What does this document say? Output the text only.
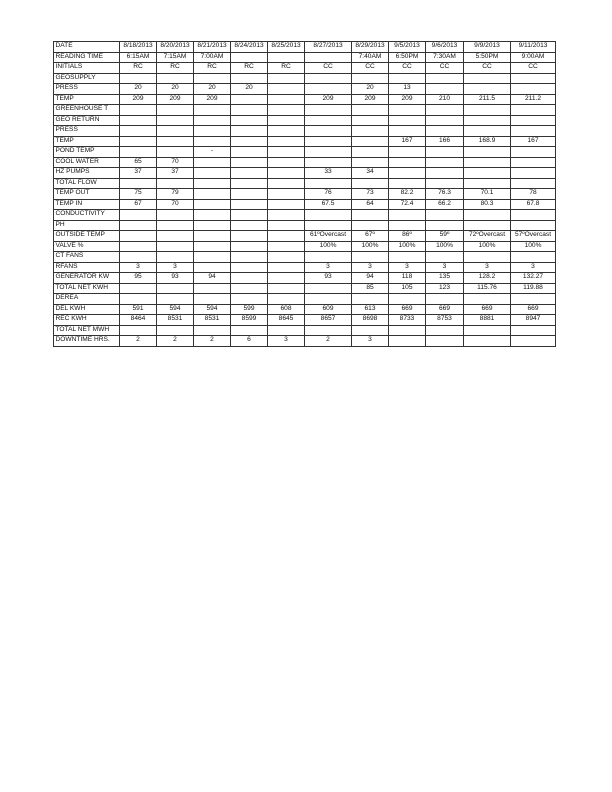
DATE	8/18/2013	8/20/2013	8/21/2013	8/24/2013	8/25/2013	8/27/2013	8/29/2013	9/5/2013	9/6/2013	9/9/2013	9/11/2013
READING TIME	6:15AM	7:15AM	7:00AM				7:40AM	6:50PM	7:30AM	5:50PM	9:00AM
INITIALS	RC	RC	RC	RC	RC	CC	CC	CC	CC	CC	CC
GEOSUPPLY											
PRESS	20	20	20	20			20	13			
TEMP	209	209	209			209	209	209	210	211.5	211.2
GREENHOUSE T											
GEO RETURN											
PRESS											
TEMP								167	166	168.9	167
POND TEMP			-								
COOL WATER	65	70									
HZ PUMPS	37	37				33	34				
TOTAL FLOW											
TEMP OUT	75	79				76	73	82.2	76.3	70.1	78
TEMP IN	67	70				67.5	64	72.4	66.2	80.3	67.8
CONDUCTIVITY											
PH											
OUTSIDE TEMP						61ºOvercast	67º	86º	59º	72ºOvercast	57ºOvercast
VALVE %						100%	100%	100%	100%	100%	100%
CT FANS											
RFANS	3	3				3	3	3	3	3	3
GENERATOR KW	95	93	94			93	94	118	135	128.2	132.27
TOTAL NET KWH							85	105	123	115.76	119.88
DEREA											
DEL KWH	591	594	594	599	608	609	613	669	669	669	669
REC KWH	8464	8531	8531	8599	8645	8657	8698	8733	8753	8881	8947
TOTAL NET MWH											
DOWNTIME HRS.	2	2	2	6	3	2	3				
